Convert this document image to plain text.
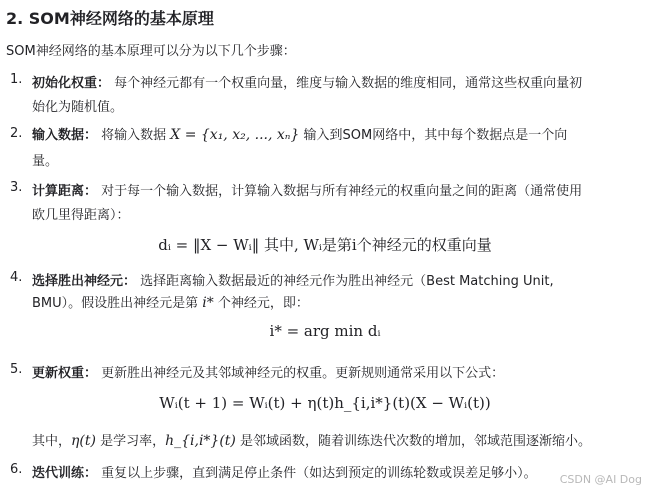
2. SOM神经网络的基本原理
SOM神经网络的基本原理可以分为以下几个步骤：
1. 初始化权重： 每个神经元都有一个权重向量，维度与输入数据的维度相同，通常这些权重向量初
始化为随机值。
2. 输入数据： 将输入数据 X = {x₁, x₂, ..., xₙ} 输入到SOM网络中，其中每个数据点是一个向
量。
3. 计算距离： 对于每一个输入数据，计算输入数据与所有神经元的权重向量之间的距离（通常使用
欧几里得距离）：
dᵢ = ‖X − Wᵢ‖ 其中, Wᵢ是第i个神经元的权重向量
4. 选择胜出神经元： 选择距离输入数据最近的神经元作为胜出神经元（Best Matching Unit,
BMU）。假设胜出神经元是第 i* 个神经元，即：
i* = arg min dᵢ
5. 更新权重： 更新胜出神经元及其邻域神经元的权重。更新规则通常采用以下公式：
Wᵢ(t + 1) = Wᵢ(t) + η(t)h_{i,i*}(t)(X − Wᵢ(t))
其中，η(t) 是学习率，h_{i,i*}(t) 是邻域函数，随着训练迭代次数的增加，邻域范围逐渐缩小。
6. 迭代训练： 重复以上步骤，直到满足停止条件（如达到预定的训练轮数或误差足够小）。 CSDN @AI Dog
